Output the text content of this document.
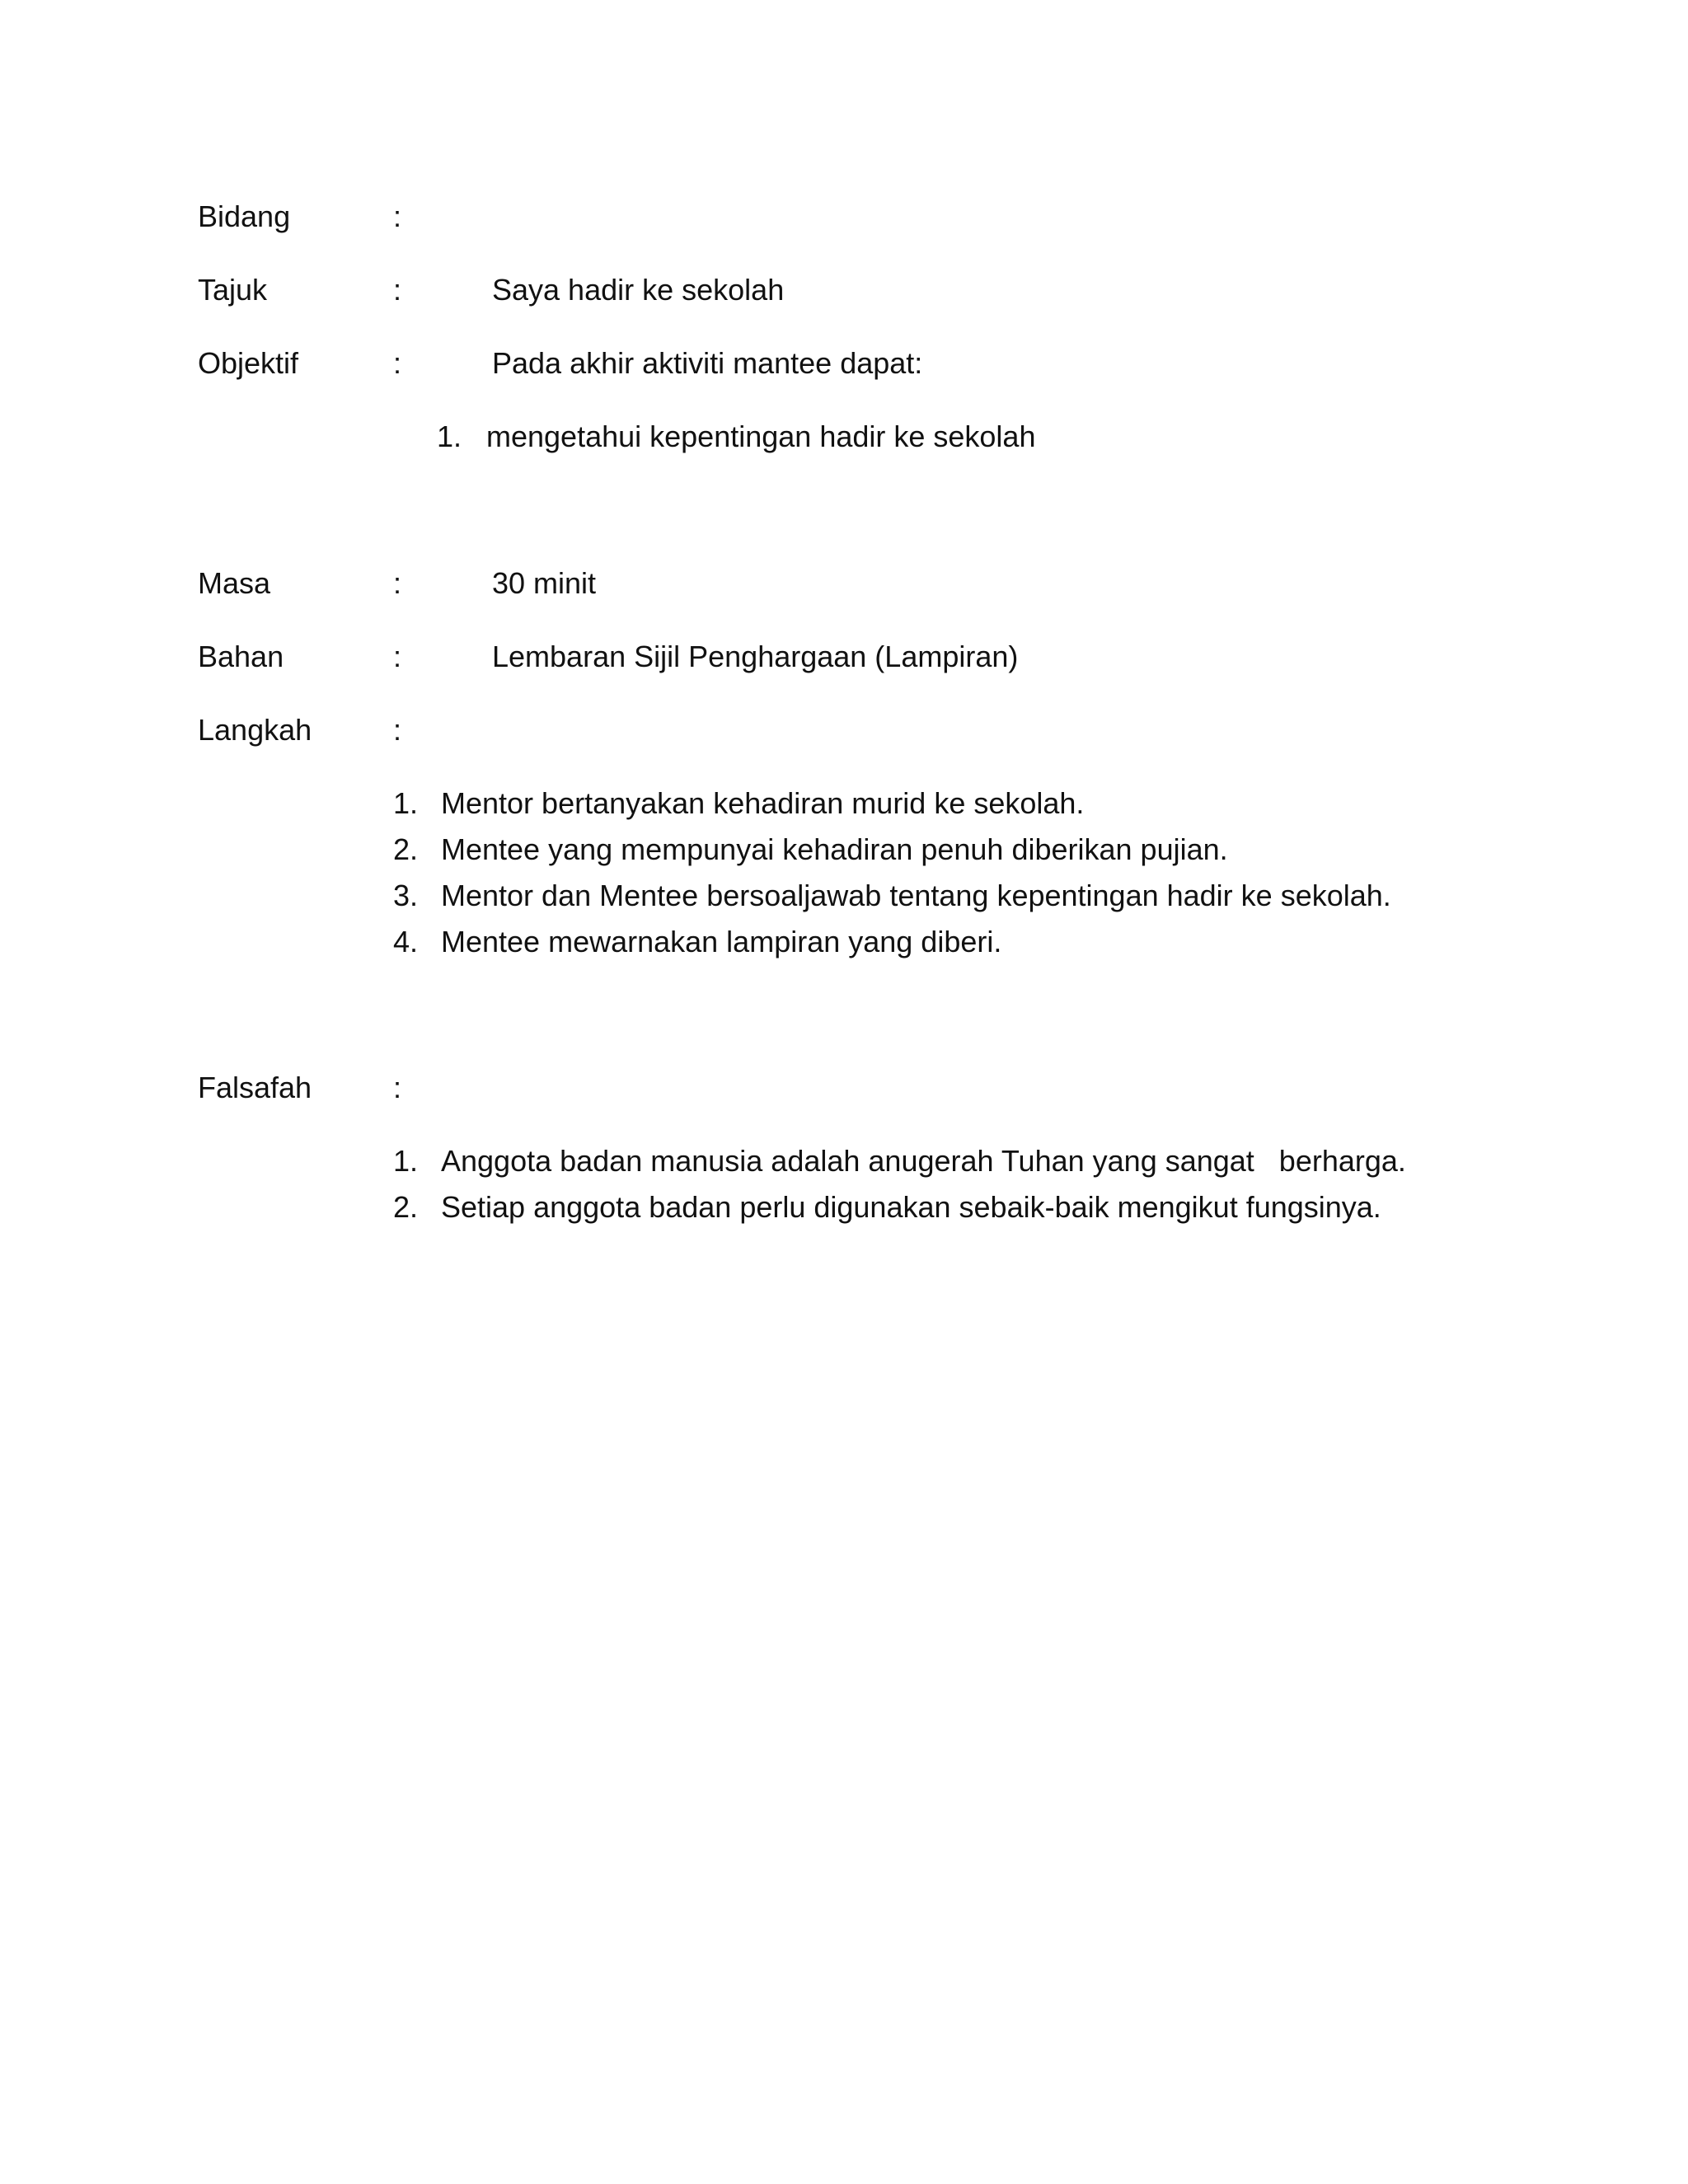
Bidang	:
Tajuk	:	Saya hadir ke sekolah
Objektif	:	Pada akhir aktiviti mantee dapat:
1. mengetahui kepentingan hadir ke sekolah
Masa	:	30 minit
Bahan	:	Lembaran Sijil Penghargaan (Lampiran)
Langkah	:
1. Mentor bertanyakan kehadiran murid ke sekolah.
2. Mentee yang mempunyai kehadiran penuh diberikan pujian.
3. Mentor dan Mentee bersoaljawab tentang kepentingan hadir ke sekolah.
4. Mentee mewarnakan lampiran yang diberi.
Falsafah	:
1. Anggota badan manusia adalah anugerah Tuhan yang sangat   berharga.
2. Setiap anggota badan perlu digunakan sebaik-baik mengikut fungsinya.
